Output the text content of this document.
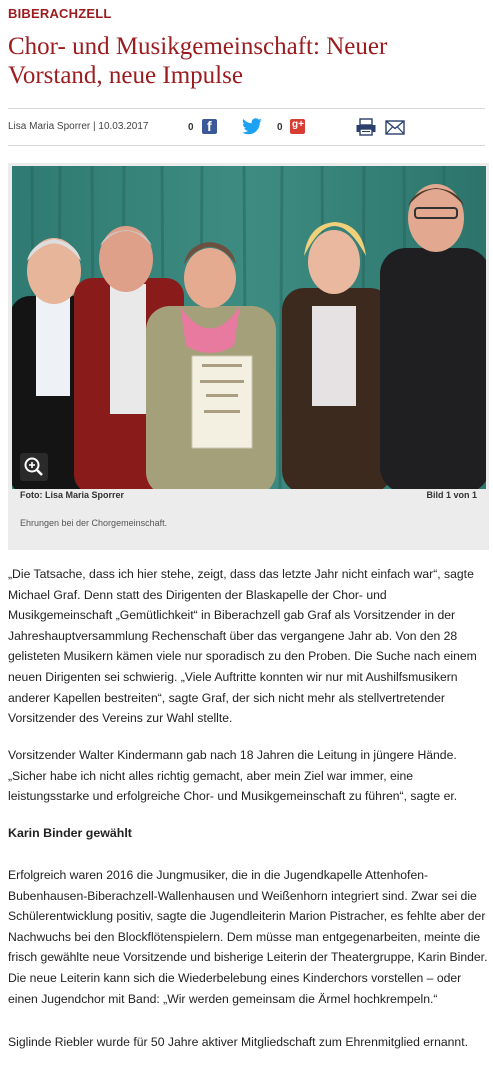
BIBERACHZELL
Chor- und Musikgemeinschaft: Neuer Vorstand, neue Impulse
Lisa Maria Sporrer | 10.03.2017	0 f	0 g+
Foto: Lisa Maria Sporrer	Bild 1 von 1
Ehrungen bei der Chorgemeinschaft.

„Die Tatsache, dass ich hier stehe, zeigt, dass das letzte Jahr nicht einfach war“, sagte Michael Graf. Denn statt des Dirigenten der Blaskapelle der Chor- und Musikgemeinschaft „Gemütlichkeit“ in Biberachzell gab Graf als Vorsitzender in der Jahreshauptversammlung Rechenschaft über das vergangene Jahr ab. Von den 28 gelisteten Musikern kämen viele nur sporadisch zu den Proben. Die Suche nach einem neuen Dirigenten sei schwierig. „Viele Auftritte konnten wir nur mit Aushilfsmusikern anderer Kapellen bestreiten“, sagte Graf, der sich nicht mehr als stellvertretender Vorsitzender des Vereins zur Wahl stellte.

Vorsitzender Walter Kindermann gab nach 18 Jahren die Leitung in jüngere Hände. „Sicher habe ich nicht alles richtig gemacht, aber mein Ziel war immer, eine leistungsstarke und erfolgreiche Chor- und Musikgemeinschaft zu führen“, sagte er.

Karin Binder gewählt

Erfolgreich waren 2016 die Jungmusiker, die in die Jugendkapelle Attenhofen-Bubenhausen-Biberachzell-Wallenhausen und Weißenhorn integriert sind. Zwar sei die Schülerentwicklung positiv, sagte die Jugendleiterin Marion Pistracher, es fehlte aber der Nachwuchs bei den Blockflötenspielern. Dem müsse man entgegenarbeiten, meinte die frisch gewählte neue Vorsitzende und bisherige Leiterin der Theatergruppe, Karin Binder. Die neue Leiterin kann sich die Wiederbelebung eines Kinderchors vorstellen – oder einen Jugendchor mit Band: „Wir werden gemeinsam die Ärmel hochkrempeln.“

Siglinde Riebler wurde für 50 Jahre aktiver Mitgliedschaft zum Ehrenmitglied ernannt.
